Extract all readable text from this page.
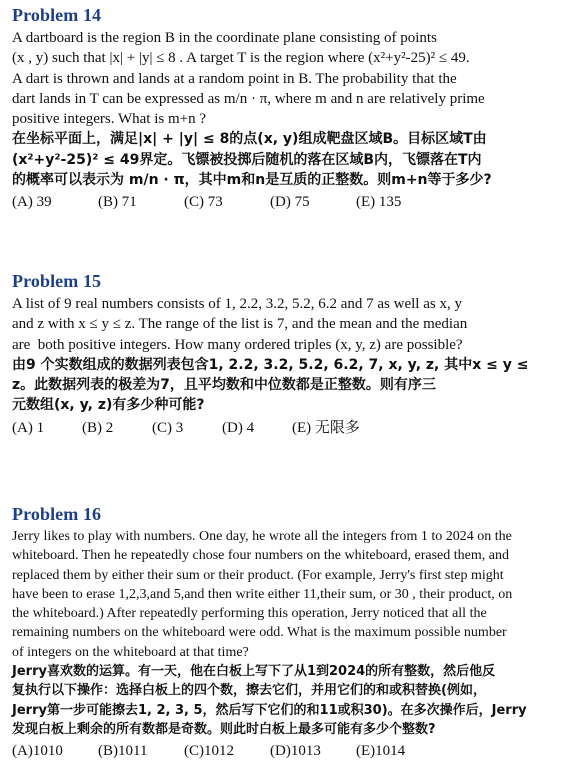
Problem 14

A dartboard is the region B in the coordinate plane consisting of points

(x , y) such that |x| + |y| ≤ 8 . A target T is the region where (x²+y²-25)² ≤ 49.

A dart is thrown and lands at a random point in B. The probability that the

dart lands in T can be expressed as m/n · π, where m and n are relatively prime

positive integers. What is m+n ?

在坐标平面上，满足|x| + |y| ≤ 8的点(x, y)组成靶盘区域B。目标区域T由

(x²+y²-25)² ≤ 49界定。飞镖被投掷后随机的落在区域B内，飞镖落在T内

的概率可以表示为 m/n · π，其中m和n是互质的正整数。则m+n等于多少?

(A) 39	(B) 71	(C) 73	(D) 75	(E) 135
Problem 15

A list of 9 real numbers consists of 1, 2.2, 3.2, 5.2, 6.2 and 7 as well as x, y

and z with x ≤ y ≤ z. The range of the list is 7, and the mean and the median

are  both positive integers. How many ordered triples (x, y, z) are possible?

由9 个实数组成的数据列表包含1, 2.2, 3.2, 5.2, 6.2, 7, x, y, z, 其中x ≤ y ≤

z。此数据列表的极差为7，且平均数和中位数都是正整数。则有序三

元数组(x, y, z)有多少种可能?

(A) 1	(B) 2	(C) 3	(D) 4	(E) 无限多
Problem 16

Jerry likes to play with numbers. One day, he wrote all the integers from 1 to 2024 on the

whiteboard. Then he repeatedly chose four numbers on the whiteboard, erased them, and

replaced them by either their sum or their product. (For example, Jerry's first step might

have been to erase 1,2,3,and 5,and then write either 11,their sum, or 30 , their product, on

the whiteboard.) After repeatedly performing this operation, Jerry noticed that all the

remaining numbers on the whiteboard were odd. What is the maximum possible number

of integers on the whiteboard at that time?

Jerry喜欢数的运算。有一天，他在白板上写下了从1到2024的所有整数，然后他反

复执行以下操作：选择白板上的四个数，擦去它们，并用它们的和或积替换(例如，

Jerry第一步可能擦去1, 2, 3, 5，然后写下它们的和11或积30)。在多次操作后，Jerry

发现白板上剩余的所有数都是奇数。则此时白板上最多可能有多少个整数?

(A)1010	(B)1011	(C)1012	(D)1013	(E)1014
